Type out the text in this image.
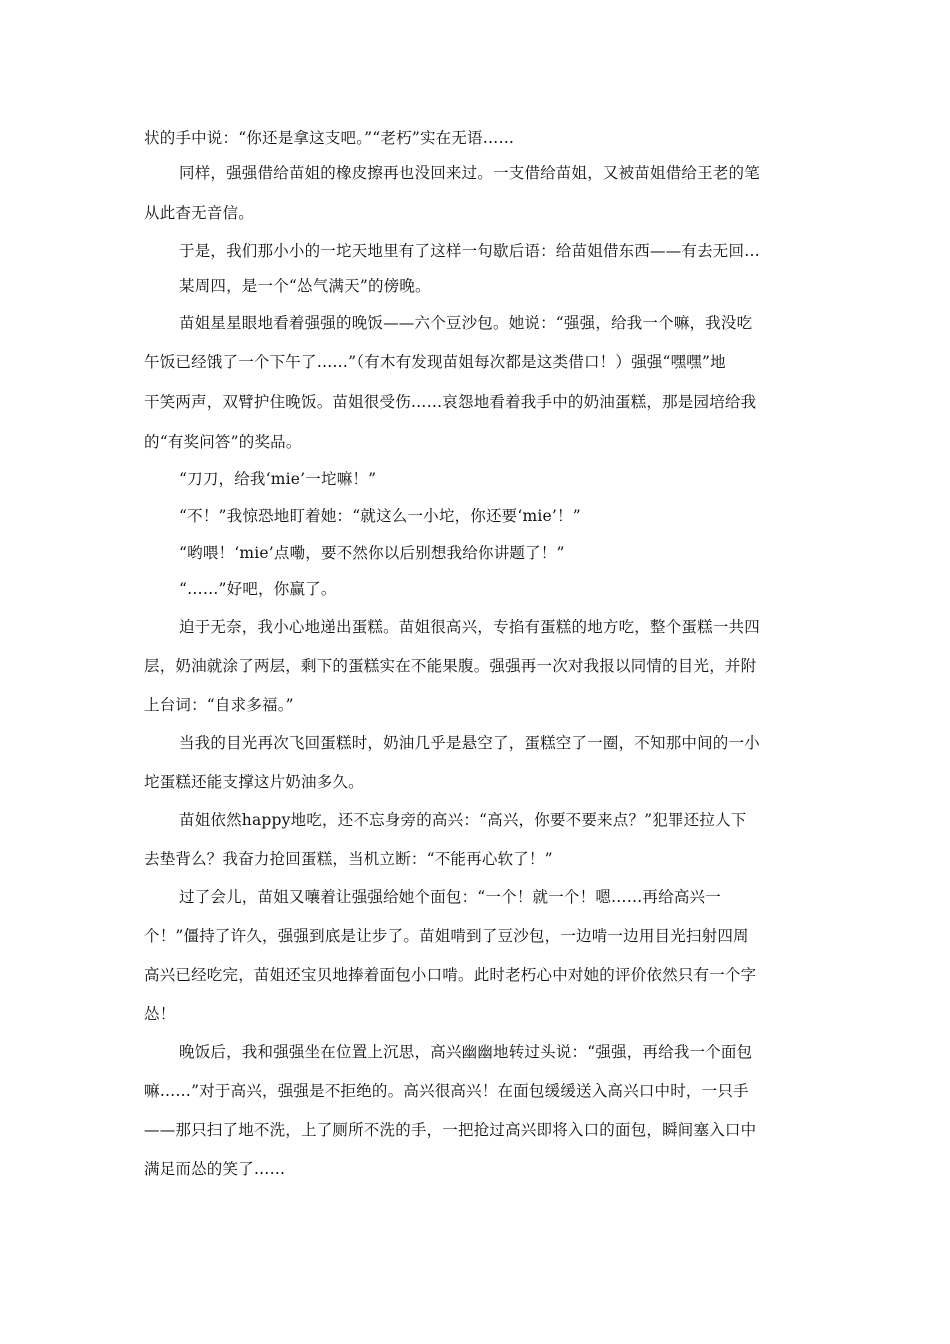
状的手中说：“你还是拿这支吧。”“老朽”实在无语……
同样，强强借给苗姐的橡皮擦再也没回来过。一支借给苗姐，又被苗姐借给王老的笔
从此杳无音信。
于是，我们那小小的一坨天地里有了这样一句歇后语：给苗姐借东西——有去无回…
某周四，是一个“怂气满天”的傍晚。
苗姐星星眼地看着强强的晚饭——六个豆沙包。她说：“强强，给我一个嘛，我没吃
午饭已经饿了一个下午了……”（有木有发现苗姐每次都是这类借口！）强强“嘿嘿”地
干笑两声，双臂护住晚饭。苗姐很受伤……哀怨地看着我手中的奶油蛋糕，那是园培给我
的“有奖问答”的奖品。
“刀刀，给我‘mie’一坨嘛！”
“不！”我惊恐地盯着她：“就这么一小坨，你还要‘mie’！”
“哟喂！‘mie’点嘞，要不然你以后别想我给你讲题了！”
“……”好吧，你赢了。
迫于无奈，我小心地递出蛋糕。苗姐很高兴，专掐有蛋糕的地方吃，整个蛋糕一共四
层，奶油就涂了两层，剩下的蛋糕实在不能果腹。强强再一次对我报以同情的目光，并附
上台词：“自求多福。”
当我的目光再次飞回蛋糕时，奶油几乎是悬空了，蛋糕空了一圈，不知那中间的一小
坨蛋糕还能支撑这片奶油多久。
苗姐依然happy地吃，还不忘身旁的高兴：“高兴，你要不要来点？”犯罪还拉人下
去垫背么？我奋力抢回蛋糕，当机立断：“不能再心软了！”
过了会儿，苗姐又嚷着让强强给她个面包：“一个！就一个！嗯……再给高兴一
个！”僵持了许久，强强到底是让步了。苗姐啃到了豆沙包，一边啃一边用目光扫射四周
高兴已经吃完，苗姐还宝贝地捧着面包小口啃。此时老朽心中对她的评价依然只有一个字
怂！
晚饭后，我和强强坐在位置上沉思，高兴幽幽地转过头说：“强强，再给我一个面包
嘛……”对于高兴，强强是不拒绝的。高兴很高兴！在面包缓缓送入高兴口中时，一只手
——那只扫了地不洗，上了厕所不洗的手，一把抢过高兴即将入口的面包，瞬间塞入口中
满足而怂的笑了……
